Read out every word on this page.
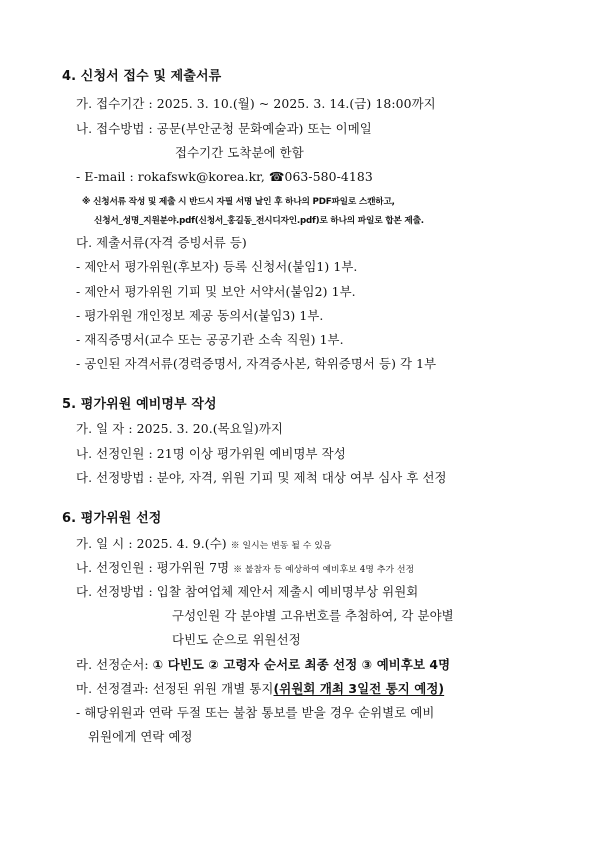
4. 신청서 접수 및 제출서류
가. 접수기간 : 2025. 3. 10.(월) ~ 2025. 3. 14.(금) 18:00까지
나. 접수방법 : 공문(부안군청 문화예술과) 또는 이메일
접수기간 도착분에 한함
- E-mail : rokafswk@korea.kr, ☎063-580-4183
※ 신청서류 작성 및 제출 시 반드시 자필 서명 날인 후 하나의 PDF파일로 스캔하고,
신청서_성명_지원분야.pdf(신청서_홍길동_전시디자인.pdf)로 하나의 파일로 합본 제출.
다. 제출서류(자격 증빙서류 등)
- 제안서 평가위원(후보자) 등록 신청서(붙임1) 1부.
- 제안서 평가위원 기피 및 보안 서약서(붙임2) 1부.
- 평가위원 개인정보 제공 동의서(붙임3) 1부.
- 재직증명서(교수 또는 공공기관 소속 직원) 1부.
- 공인된 자격서류(경력증명서, 자격증사본, 학위증명서 등) 각 1부
5. 평가위원 예비명부 작성
가. 일 자 : 2025. 3. 20.(목요일)까지
나. 선정인원 : 21명 이상 평가위원 예비명부 작성
다. 선정방법 : 분야, 자격, 위원 기피 및 제척 대상 여부 심사 후 선정
6. 평가위원 선정
가. 일 시 : 2025. 4. 9.(수) ※ 일시는 변동 될 수 있음
나. 선정인원 : 평가위원 7명 ※ 불참자 등 예상하여 예비후보 4명 추가 선정
다. 선정방법 : 입찰 참여업체 제안서 제출시 예비명부상 위원회
구성인원 각 분야별 고유번호를 추첨하여, 각 분야별
다빈도 순으로 위원선정
라. 선정순서: ① 다빈도 ② 고령자 순서로 최종 선정 ③ 예비후보 4명
마. 선정결과: 선정된 위원 개별 통지(위원회 개최 3일전 통지 예정)
- 해당위원과 연락 두절 또는 불참 통보를 받을 경우 순위별로 예비
위원에게 연락 예정
